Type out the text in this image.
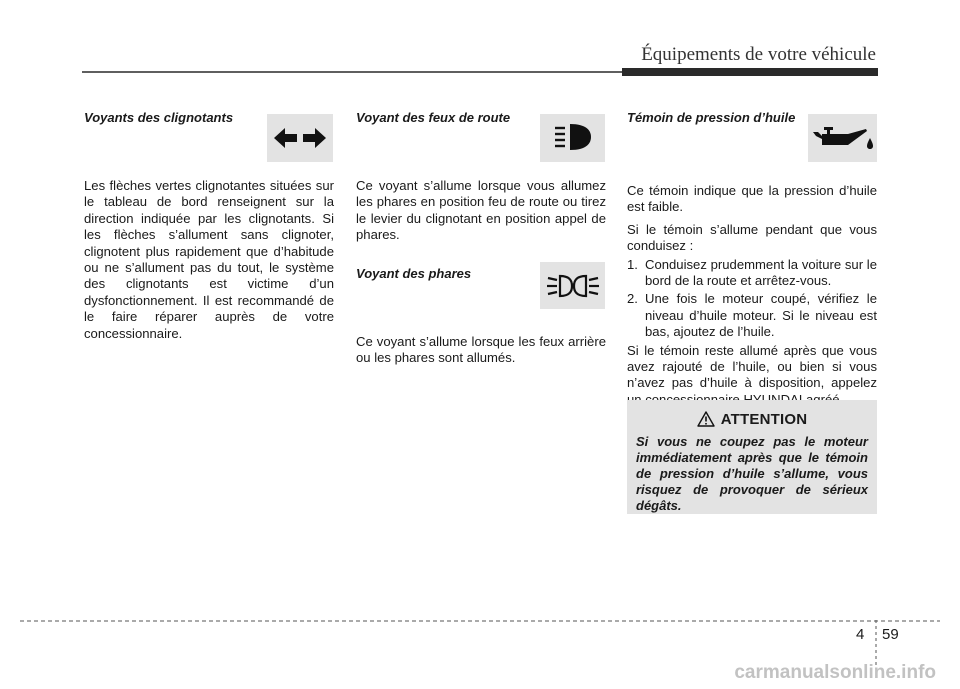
Équipements de votre véhicule
Voyants des clignotants

Les flèches vertes clignotantes situées sur le tableau de bord renseignent sur la direction indiquée par les clignotants. Si les flèches s’allument sans clignoter, clignotent plus rapidement que d’habitude ou ne s’allument pas du tout, le système des clignotants est victime d’un dysfonctionnement. Il est recommandé de le faire réparer auprès de votre concessionnaire.

Voyant des feux de route

Ce voyant s’allume lorsque vous allumez les phares en position feu de route ou tirez le levier du clignotant en position appel de phares.

Voyant des phares

Ce voyant s’allume lorsque les feux arrière ou les phares sont allumés.

Témoin de pression d’huile

Ce témoin indique que la pression d’huile est faible.

Si le témoin s’allume pendant que vous conduisez :

1. Conduisez prudemment la voiture sur le bord de la route et arrêtez-vous.
2. Une fois le moteur coupé, vérifiez le niveau d’huile moteur. Si le niveau est bas, ajoutez de l’huile.

Si le témoin reste allumé après que vous avez rajouté de l’huile, ou bien si vous n’avez pas d’huile à disposition, appelez

ATTENTION
Si vous ne coupez pas le moteur immédiatement après que le témoin de pression d’huile s’allume, vous risquez de provoquer de sérieux dégâts.
4 59
carmanualsonline.info
